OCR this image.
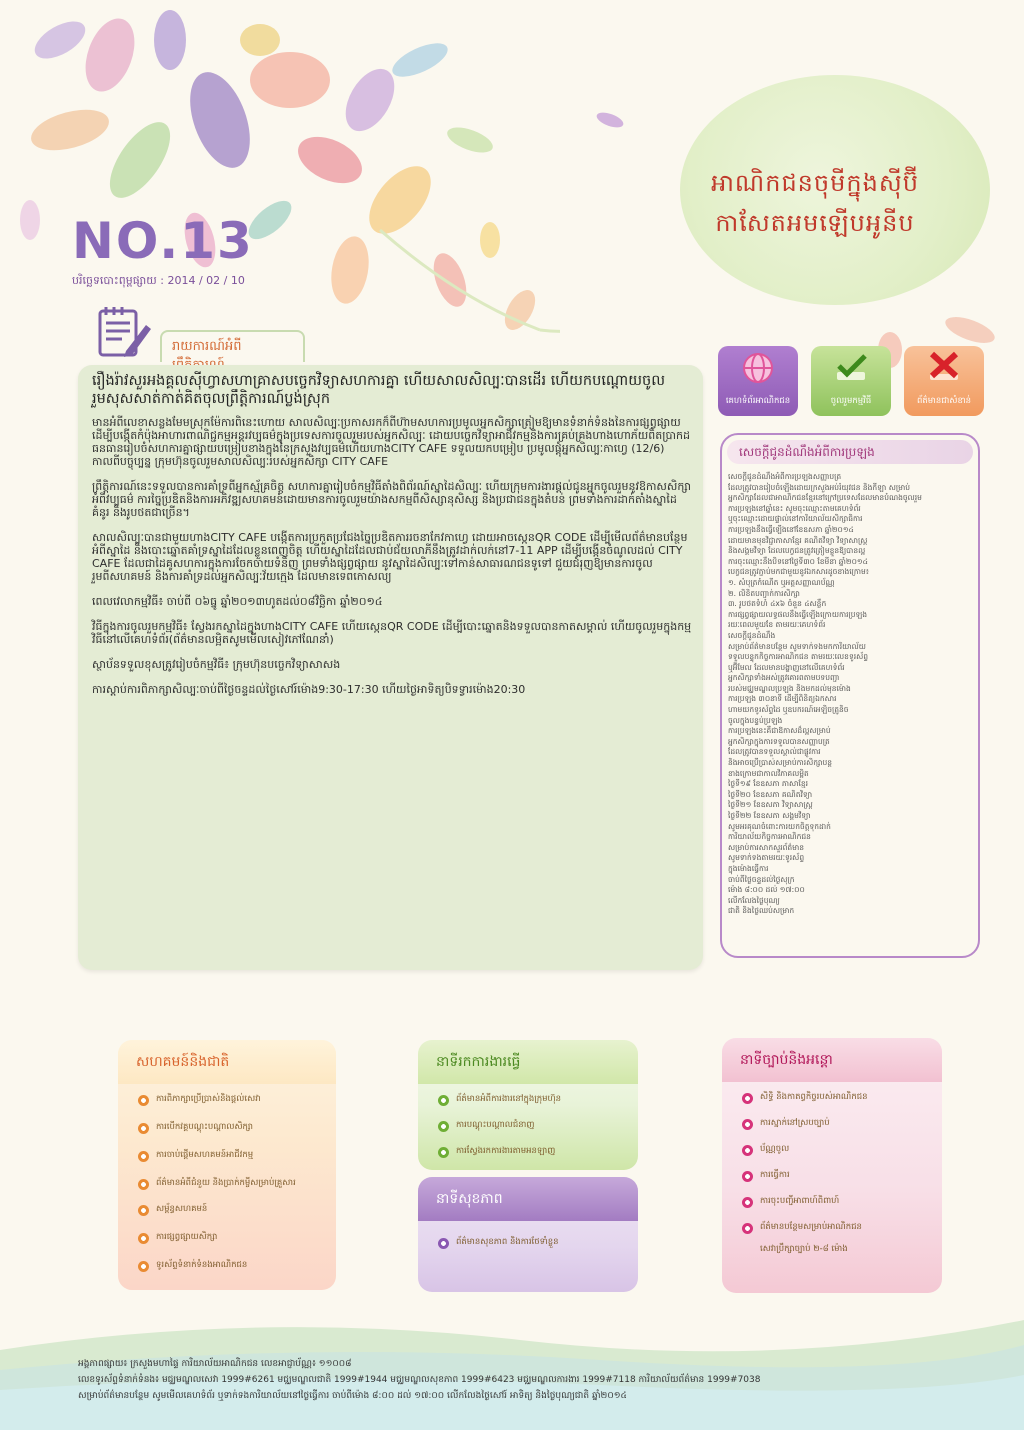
អាណិកជនចុមីក្នុងស៊ីប៊ី
កាសែតអមឡើបអូនីប
NO.13
បរិច្ឆេទបោះពុម្ពផ្សាយ : 2014 / 02 / 10
រាយការណ៍អំពី
រឿងរ៉ាវសួរអងគ្គលស៊ីហ្វាសហាគ្រាសបច្ចេកវិទ្យាសហការគ្នា ហើយសាលសិល្បៈបានដើរ ហើយកបណ្ដោយចូលរួមសុសសាត់កាត់គិតចុលព្រឹត្តិការណ៍ប្លង់ស្រុក

មានអំពីលេខាសន្លងមែមស្រុកម៉ែការពិនេះហោយ សាលសិល្បៈប្រកាសរកក៏ពីហ៊ាមសហការប្រមូលអ្នកសិក្សាត្រៀមឱ្យមានទំនាក់ទំនងនៃការផ្សព្វផ្សាយ ដើម្បីបង្កើតកំប៉ុងអាហារពាណិជ្ជកម្មអន្តរវប្បធម៌ក្នុងប្រទេសការចូលរួមរបស់អ្នកសិល្បៈ ដោយបច្ចេកវិទ្យាអាជីវកម្មនិងការគ្រប់គ្រងហាងហោភ័យពិតប្រាកដ ធនធានរៀបចំសហការគ្នាផ្សាយបម្រៀបខាងក្នុងនៃក្រសួងវប្បធម៌ហើយហាងCITY CAFE ទទួលយកបម្រៀប ប្រមូលផ្ដុំអ្នកសិល្បៈកាហ្វេ (12/6) កាលពីបច្ចុប្បន្ន ក្រុមហ៊ុនចូលរួមសាលសិល្បៈរបស់អ្នកសិក្សា CITY CAFE

ព្រឹត្តិការណ៍នេះទទួលបានការគាំទ្រពីអ្នកស្ម័គ្រចិត្ត សហការគ្នារៀបចំកម្មវិធីតាំងពិព័រណ៍ស្នាដៃសិល្បៈ ហើយក្រុមការងារផ្ដល់ជូនអ្នកចូលរួមនូវឱកាសសិក្សាអំពីវប្បធម៌ ការច្នៃប្រឌិតនិងការអភិវឌ្ឍសហគមន៍ដោយមានការចូលរួមយ៉ាងសកម្មពីសិស្សានុសិស្ស និងប្រជាជនក្នុងតំបន់ ព្រមទាំងការដាក់តាំងស្នាដៃគំនូរ និងរូបថតជាច្រើន។

សាលសិល្បៈបានជាមួយហាងCITY CAFE បង្កើតការប្រកួតប្រជែងច្នៃប្រឌិតការរចនាកែវកាហ្វេ ដោយអាចស្កេនQR CODE ដើម្បីមើលព័ត៌មានបន្ថែមអំពីស្នាដៃ និងបោះឆ្នោតគាំទ្រស្នាដៃដែលខ្លួនពេញចិត្ត ហើយស្នាដៃដែលជាប់ជ័យលាភីនឹងត្រូវដាក់លក់នៅ7-11 APP ដើម្បីបង្កើនចំណូលដល់ CITY CAFE ដែលជាដៃគូសហការក្នុងការចែកចាយទំនិញ ព្រមទាំងផ្សព្វផ្សាយ នូវស្នាដៃសិល្បៈទៅកាន់សាធារណជនទូទៅ ជួយជំរុញឱ្យមានការចូលរួមពីសហគមន៍ និងការគាំទ្រដល់អ្នកសិល្បៈវ័យក្មេង ដែលមានទេពកោសល្យ

ពេលវេលាកម្មវិធី៖ ចាប់ពី ០៦ធ្នូ ឆ្នាំ២០១៣ហូតដល់០៨វិច្ឆិកា ឆ្នាំ២០១៤

វិធីក្នុងការចូលរួមកម្មវិធី៖ ស្វែងរកស្នាដៃក្នុងហាងCITY CAFE ហើយស្កេនQR CODE ដើម្បីបោះឆ្នោតនិងទទួលបានកាតសម្គាល់ ហើយចូលរួមក្នុងកម្មវិធីនៅលើគេហទំព័រ(ព័ត៌មានលម្អិតសូមមើលសៀវភៅណែនាំ)

ស្ថាប័នទទួលខុសត្រូវរៀបចំកម្មវិធី៖ ក្រុមហ៊ុនបច្ចេកវិទ្យាសាសង

ការស្ដាប់ការពិភាក្សាសិល្បៈចាប់ពីថ្ងៃចន្ទដល់ថ្ងៃសៅរ៍ម៉ោង9:30-17:30 ហើយថ្ងៃអាទិត្យបិទទ្វារម៉ោង20:30

គេហទំព័រអាណិកជន	ចូលរួមកម្មវិធី	ព័ត៌មានជាសំខាន់
សេចក្ដីជូនដំណឹងអំពីការប្រឡង
សេចក្ដីជូនដំណឹងអំពីការប្រឡងសញ្ញាបត្រ
ដែលត្រូវបានរៀបចំឡើងដោយក្រសួងអប់រំយុវជន និងកីឡា សម្រាប់
អ្នកសិក្សាដែលជាអាណិកជនខ្មែរនៅក្រៅប្រទេសដែលមានបំណងចូលរួម
ការប្រឡងនៅឆ្នាំនេះ សូមចុះឈ្មោះតាមគេហទំព័រ
ឬចុះឈ្មោះដោយផ្ទាល់នៅការិយាល័យសិក្សាធិការ
ការប្រឡងនឹងធ្វើឡើងនៅខែឧសភា ឆ្នាំ២០១៤
ដោយមានមុខវិជ្ជាភាសាខ្មែរ គណិតវិទ្យា វិទ្យាសាស្ត្រ
និងសង្គមវិទ្យា ដែលបេក្ខជនត្រូវត្រៀមខ្លួនឱ្យបានល្អ
ការចុះឈ្មោះនឹងបិទនៅថ្ងៃទី៣០ ខែមីនា ឆ្នាំ២០១៤
បេក្ខជនត្រូវភ្ជាប់មកជាមួយនូវឯកសារដូចខាងក្រោម៖
១. សំបុត្រកំណើត ឬអត្តសញ្ញាណប័ណ្ណ
២. លិខិតបញ្ជាក់ការសិក្សា
៣. រូបថតទំហំ ៤x៦ ចំនួន ៤សន្លឹក
ការផ្សព្វផ្សាយលទ្ធផលនឹងធ្វើឡើងក្រោយការប្រឡង
រយៈពេលមួយខែ តាមរយៈគេហទំព័រ
សេចក្ដីជូនដំណឹង
សម្រាប់ព័ត៌មានបន្ថែម សូមទាក់ទងមកការិយាល័យ
ទទួលបន្ទុកកិច្ចការអាណិកជន តាមរយៈលេខទូរស័ព្ទ
ឬអ៊ីមែល ដែលមានបង្ហាញនៅលើគេហទំព័រ
អ្នកសិក្សាទាំងអស់ត្រូវគោរពតាមបទបញ្ជា
របស់មជ្ឈមណ្ឌលប្រឡង និងមកដល់មុនម៉ោង
ការប្រឡង ៣០នាទី ដើម្បីពិនិត្យឯកសារ
ហាមយកទូរស័ព្ទដៃ ឬឧបករណ៍អេឡិចត្រូនិច
ចូលក្នុងបន្ទប់ប្រឡង
ការប្រឡងនេះគឺជាឱកាសដ៏ល្អសម្រាប់
អ្នកសិក្សាក្នុងការទទួលបានសញ្ញាបត្រ
ដែលត្រូវបានទទួលស្គាល់ជាផ្លូវការ
និងអាចប្រើប្រាស់សម្រាប់ការសិក្សាបន្ត
ខាងក្រោមជាកាលវិភាគលម្អិត
ថ្ងៃទី១៩ ខែឧសភា ភាសាខ្មែរ
ថ្ងៃទី២០ ខែឧសភា គណិតវិទ្យា
ថ្ងៃទី២១ ខែឧសភា វិទ្យាសាស្ត្រ
ថ្ងៃទី២២ ខែឧសភា សង្គមវិទ្យា
សូមអរគុណចំពោះការយកចិត្តទុកដាក់
ការិយាល័យកិច្ចការអាណិកជន
សម្រាប់ការសាកសួរព័ត៌មាន
សូមទាក់ទងតាមរយៈទូរស័ព្ទ
ក្នុងម៉ោងធ្វើការ
ចាប់ពីថ្ងៃចន្ទដល់ថ្ងៃសុក្រ
ម៉ោង ៨:០០ ដល់ ១៧:០០
លើកលែងថ្ងៃបុណ្យ
ជាតិ និងថ្ងៃឈប់សម្រាក
សហគមន៍និងជាតិ
ការពិភាក្សាប្រើប្រាស់និងផ្ដល់សេវា
ការបើកវគ្គបណ្ដុះបណ្ដាលសិក្សា
ការចាប់ផ្ដើមសហគមន៍អាជីវកម្ម
ព័ត៌មានអំពីជំនួយ និងប្រាក់កម្ចីសម្រាប់គ្រួសារ
សម្ព័ន្ធសហគមន៍
ការផ្សព្វផ្សាយសិក្សា
ទូរស័ព្ទទំនាក់ទំនងអាណិកជន
នាទីរកការងារធ្វើ
ព័ត៌មានអំពីការងារនៅក្នុងក្រុមហ៊ុន
ការបណ្ដុះបណ្ដាលជំនាញ
ការស្វែងរកការងារតាមអនឡាញ
នាទីសុខភាព
ព័ត៌មានសុខភាព និងការថែទាំខ្លួន
នាទីច្បាប់និងអន្តោ
សិទ្ធិ និងកាតព្វកិច្ចរបស់អាណិកជន
ការស្នាក់នៅស្របច្បាប់
ប័ណ្ណចូល
ការធ្វើការ
ការចុះបញ្ជីអាពាហ៍ពិពាហ៍
ព័ត៌មានបន្ថែមសម្រាប់អាណិកជន
សេវាប្រឹក្សាច្បាប់ ២-៨ ម៉ោង
អង្គភាពផ្សាយ៖ ក្រសួងមហាផ្ទៃ ការិយាល័យអាណិកជន លេខអាជ្ញាប័ណ្ណ៖ ១១០០៨
លេខទូរស័ព្ទទំនាក់ទំនង៖ មជ្ឈមណ្ឌលសេវា 1999#6261 មជ្ឈមណ្ឌលជាតិ 1999#1944 មជ្ឈមណ្ឌលសុខភាព 1999#6423 មជ្ឈមណ្ឌលការងារ 1999#7118 ការិយាល័យព័ត៌មាន 1999#7038
សម្រាប់ព័ត៌មានបន្ថែម សូមមើលគេហទំព័រ ឬទាក់ទងការិយាល័យនៅថ្ងៃធ្វើការ ចាប់ពីម៉ោង ៨:០០ ដល់ ១៧:០០ លើកលែងថ្ងៃសៅរ៍ អាទិត្យ និងថ្ងៃបុណ្យជាតិ ឆ្នាំ២០១៤
